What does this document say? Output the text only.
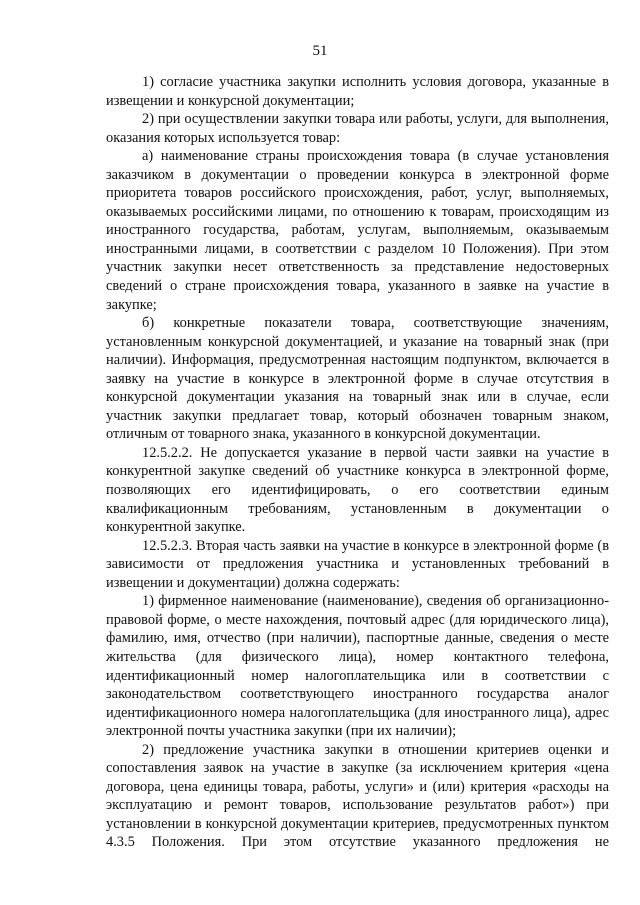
51

1) согласие участника закупки исполнить условия договора, указанные в извещении и конкурсной документации;

2) при осуществлении закупки товара или работы, услуги, для выполнения, оказания которых используется товар:

а) наименование страны происхождения товара (в случае установления заказчиком в документации о проведении конкурса в электронной форме приоритета товаров российского происхождения, работ, услуг, выполняемых, оказываемых российскими лицами, по отношению к товарам, происходящим из иностранного государства, работам, услугам, выполняемым, оказываемым иностранными лицами, в соответствии с разделом 10 Положения). При этом участник закупки несет ответственность за представление недостоверных сведений о стране происхождения товара, указанного в заявке на участие в закупке;

б) конкретные показатели товара, соответствующие значениям, установленным конкурсной документацией, и указание на товарный знак (при наличии). Информация, предусмотренная настоящим подпунктом, включается в заявку на участие в конкурсе в электронной форме в случае отсутствия в конкурсной документации указания на товарный знак или в случае, если участник закупки предлагает товар, который обозначен товарным знаком, отличным от товарного знака, указанного в конкурсной документации.

12.5.2.2. Не допускается указание в первой части заявки на участие в конкурентной закупке сведений об участнике конкурса в электронной форме, позволяющих его идентифицировать, о его соответствии единым квалификационным требованиям, установленным в документации о конкурентной закупке.

12.5.2.3. Вторая часть заявки на участие в конкурсе в электронной форме (в зависимости от предложения участника и установленных требований в извещении и документации) должна содержать:

1) фирменное наименование (наименование), сведения об организационно-правовой форме, о месте нахождения, почтовый адрес (для юридического лица), фамилию, имя, отчество (при наличии), паспортные данные, сведения о месте жительства (для физического лица), номер контактного телефона, идентификационный номер налогоплательщика или в соответствии с законодательством соответствующего иностранного государства аналог идентификационного номера налогоплательщика (для иностранного лица), адрес электронной почты участника закупки (при их наличии);

2) предложение участника закупки в отношении критериев оценки и сопоставления заявок на участие в закупке (за исключением критерия «цена договора, цена единицы товара, работы, услуги» и (или) критерия «расходы на эксплуатацию и ремонт товаров, использование результатов работ») при установлении в конкурсной документации критериев, предусмотренных пунктом 4.3.5 Положения. При этом отсутствие указанного предложения не
